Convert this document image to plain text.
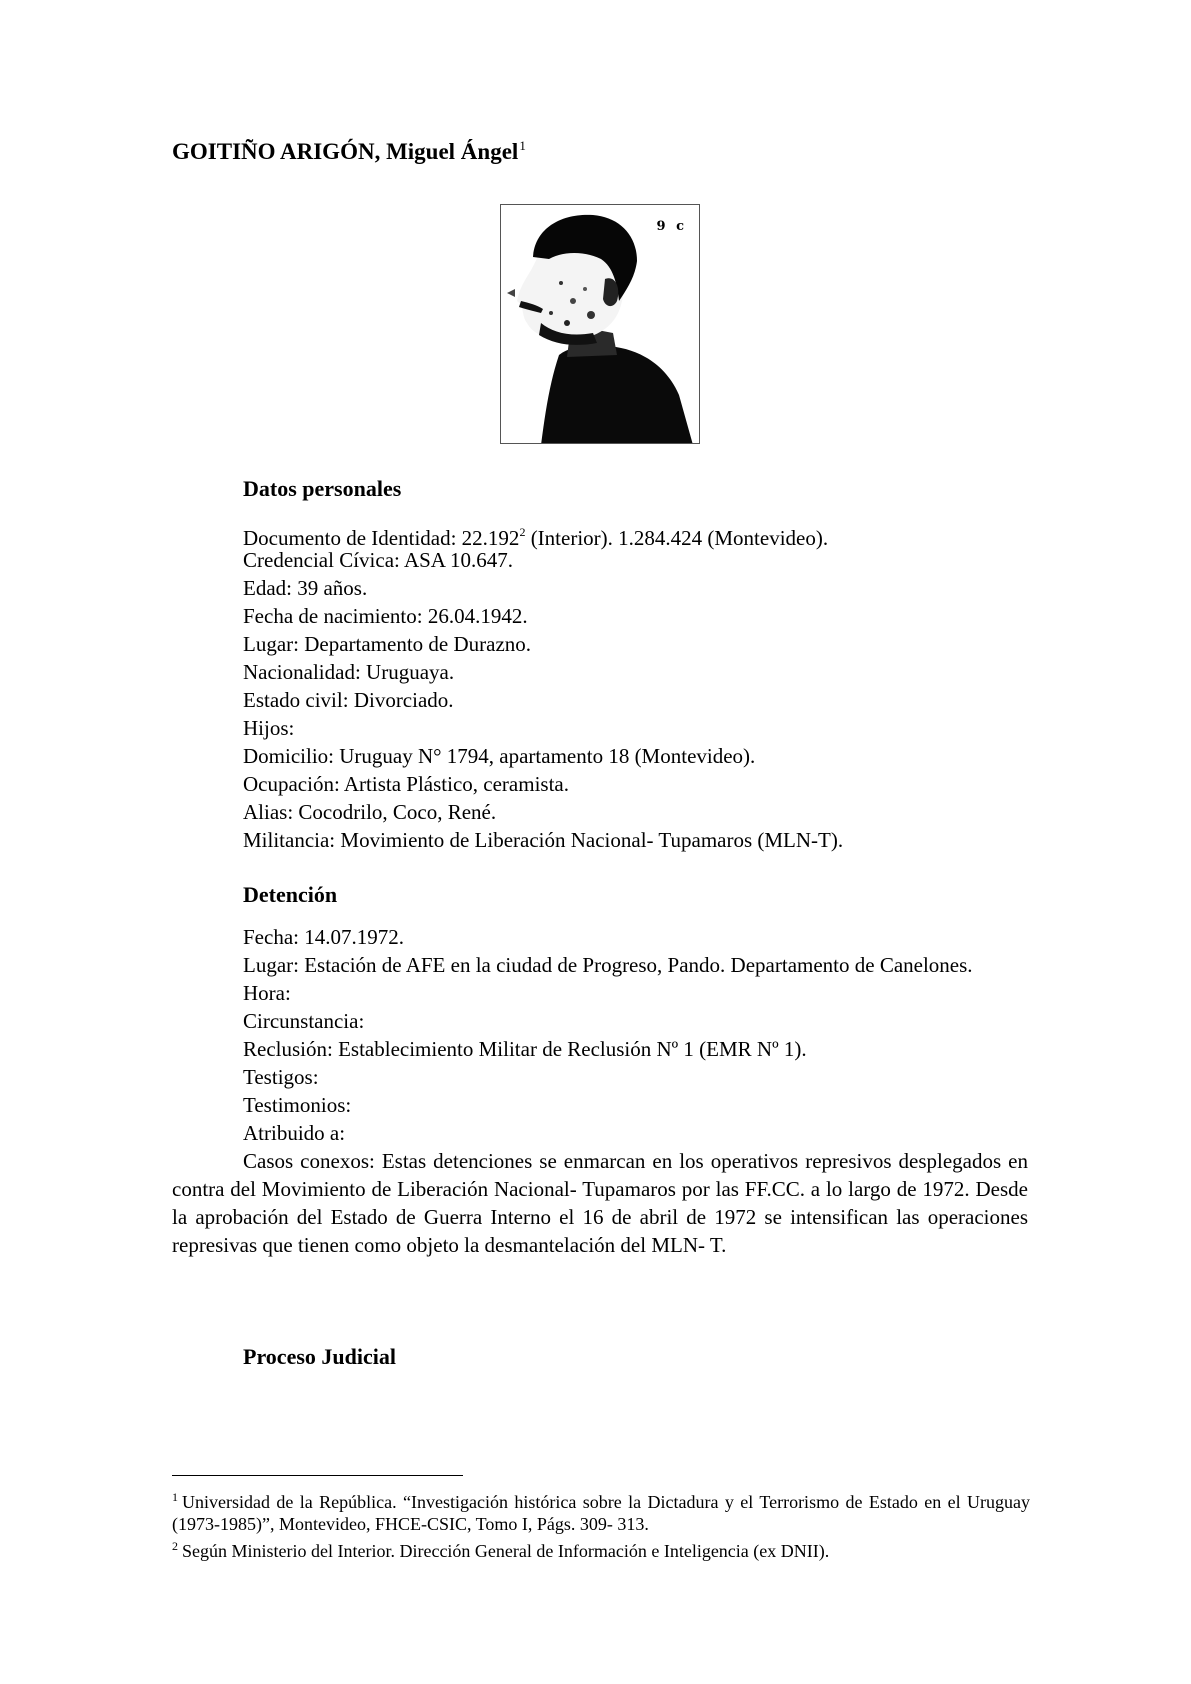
GOITIÑO ARIGÓN, Miguel Ángel$^1$
9 c
Datos personales
Documento de Identidad: 22.192$^2$ (Interior). 1.284.424 (Montevideo).
Credencial Cívica: ASA 10.647.
Edad: 39 años.
Fecha de nacimiento: 26.04.1942.
Lugar: Departamento de Durazno.
Nacionalidad: Uruguaya.
Estado civil: Divorciado.
Hijos:
Domicilio: Uruguay N° 1794, apartamento 18 (Montevideo).
Ocupación: Artista Plástico, ceramista.
Alias: Cocodrilo, Coco, René.
Militancia: Movimiento de Liberación Nacional- Tupamaros (MLN-T).
Detención
Fecha: 14.07.1972.
Lugar: Estación de AFE en la ciudad de Progreso, Pando. Departamento de Canelones.
Hora:
Circunstancia:
Reclusión: Establecimiento Militar de Reclusión Nº 1 (EMR Nº 1).
Testigos:
Testimonios:
Atribuido a:
Casos conexos: Estas detenciones se enmarcan en los operativos represivos desplegados en contra del Movimiento de Liberación Nacional- Tupamaros por las FF.CC. a lo largo de 1972. Desde la aprobación del Estado de Guerra Interno el 16 de abril de 1972 se intensifican las operaciones represivas que tienen como objeto la desmantelación del MLN- T.
Proceso Judicial

$^1$ Universidad de la República. “Investigación histórica sobre la Dictadura y el Terrorismo de Estado en el Uruguay (1973-1985)”, Montevideo, FHCE-CSIC, Tomo I, Págs. 309- 313.

$^2$ Según Ministerio del Interior. Dirección General de Información e Inteligencia (ex DNII).
